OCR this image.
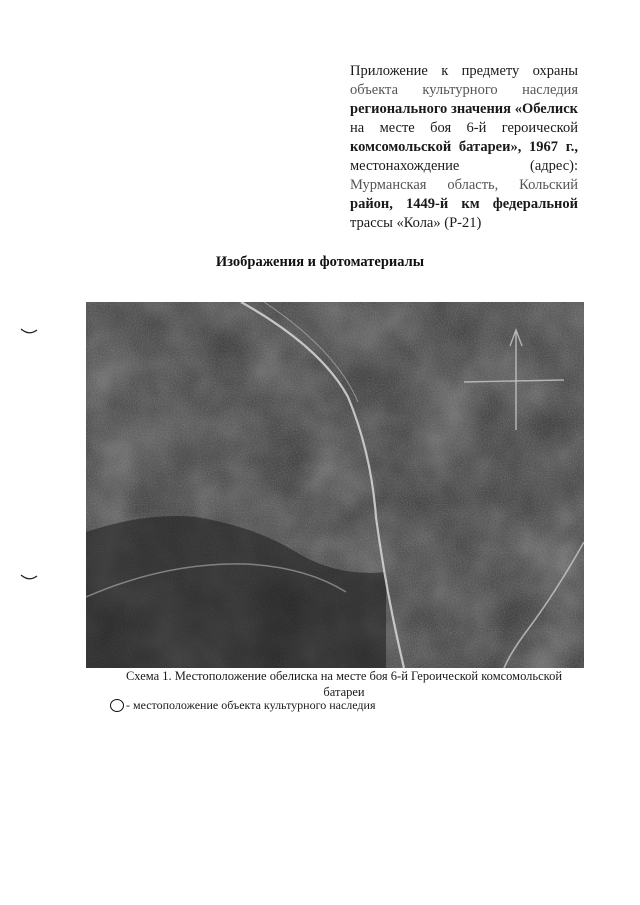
Приложение к предмету охраны
объекта культурного наследия
регионального значения «Обелиск
на месте боя 6-й героической
комсомольской батареи», 1967 г.,
местонахождение (адрес):
Мурманская область, Кольский
район, 1449-й км федеральной
трассы «Кола» (Р-21)
Изображения и фотоматериалы
Схема 1. Местоположение обелиска на месте боя 6-й Героической комсомольской
батареи
- местоположение объекта культурного наследия
